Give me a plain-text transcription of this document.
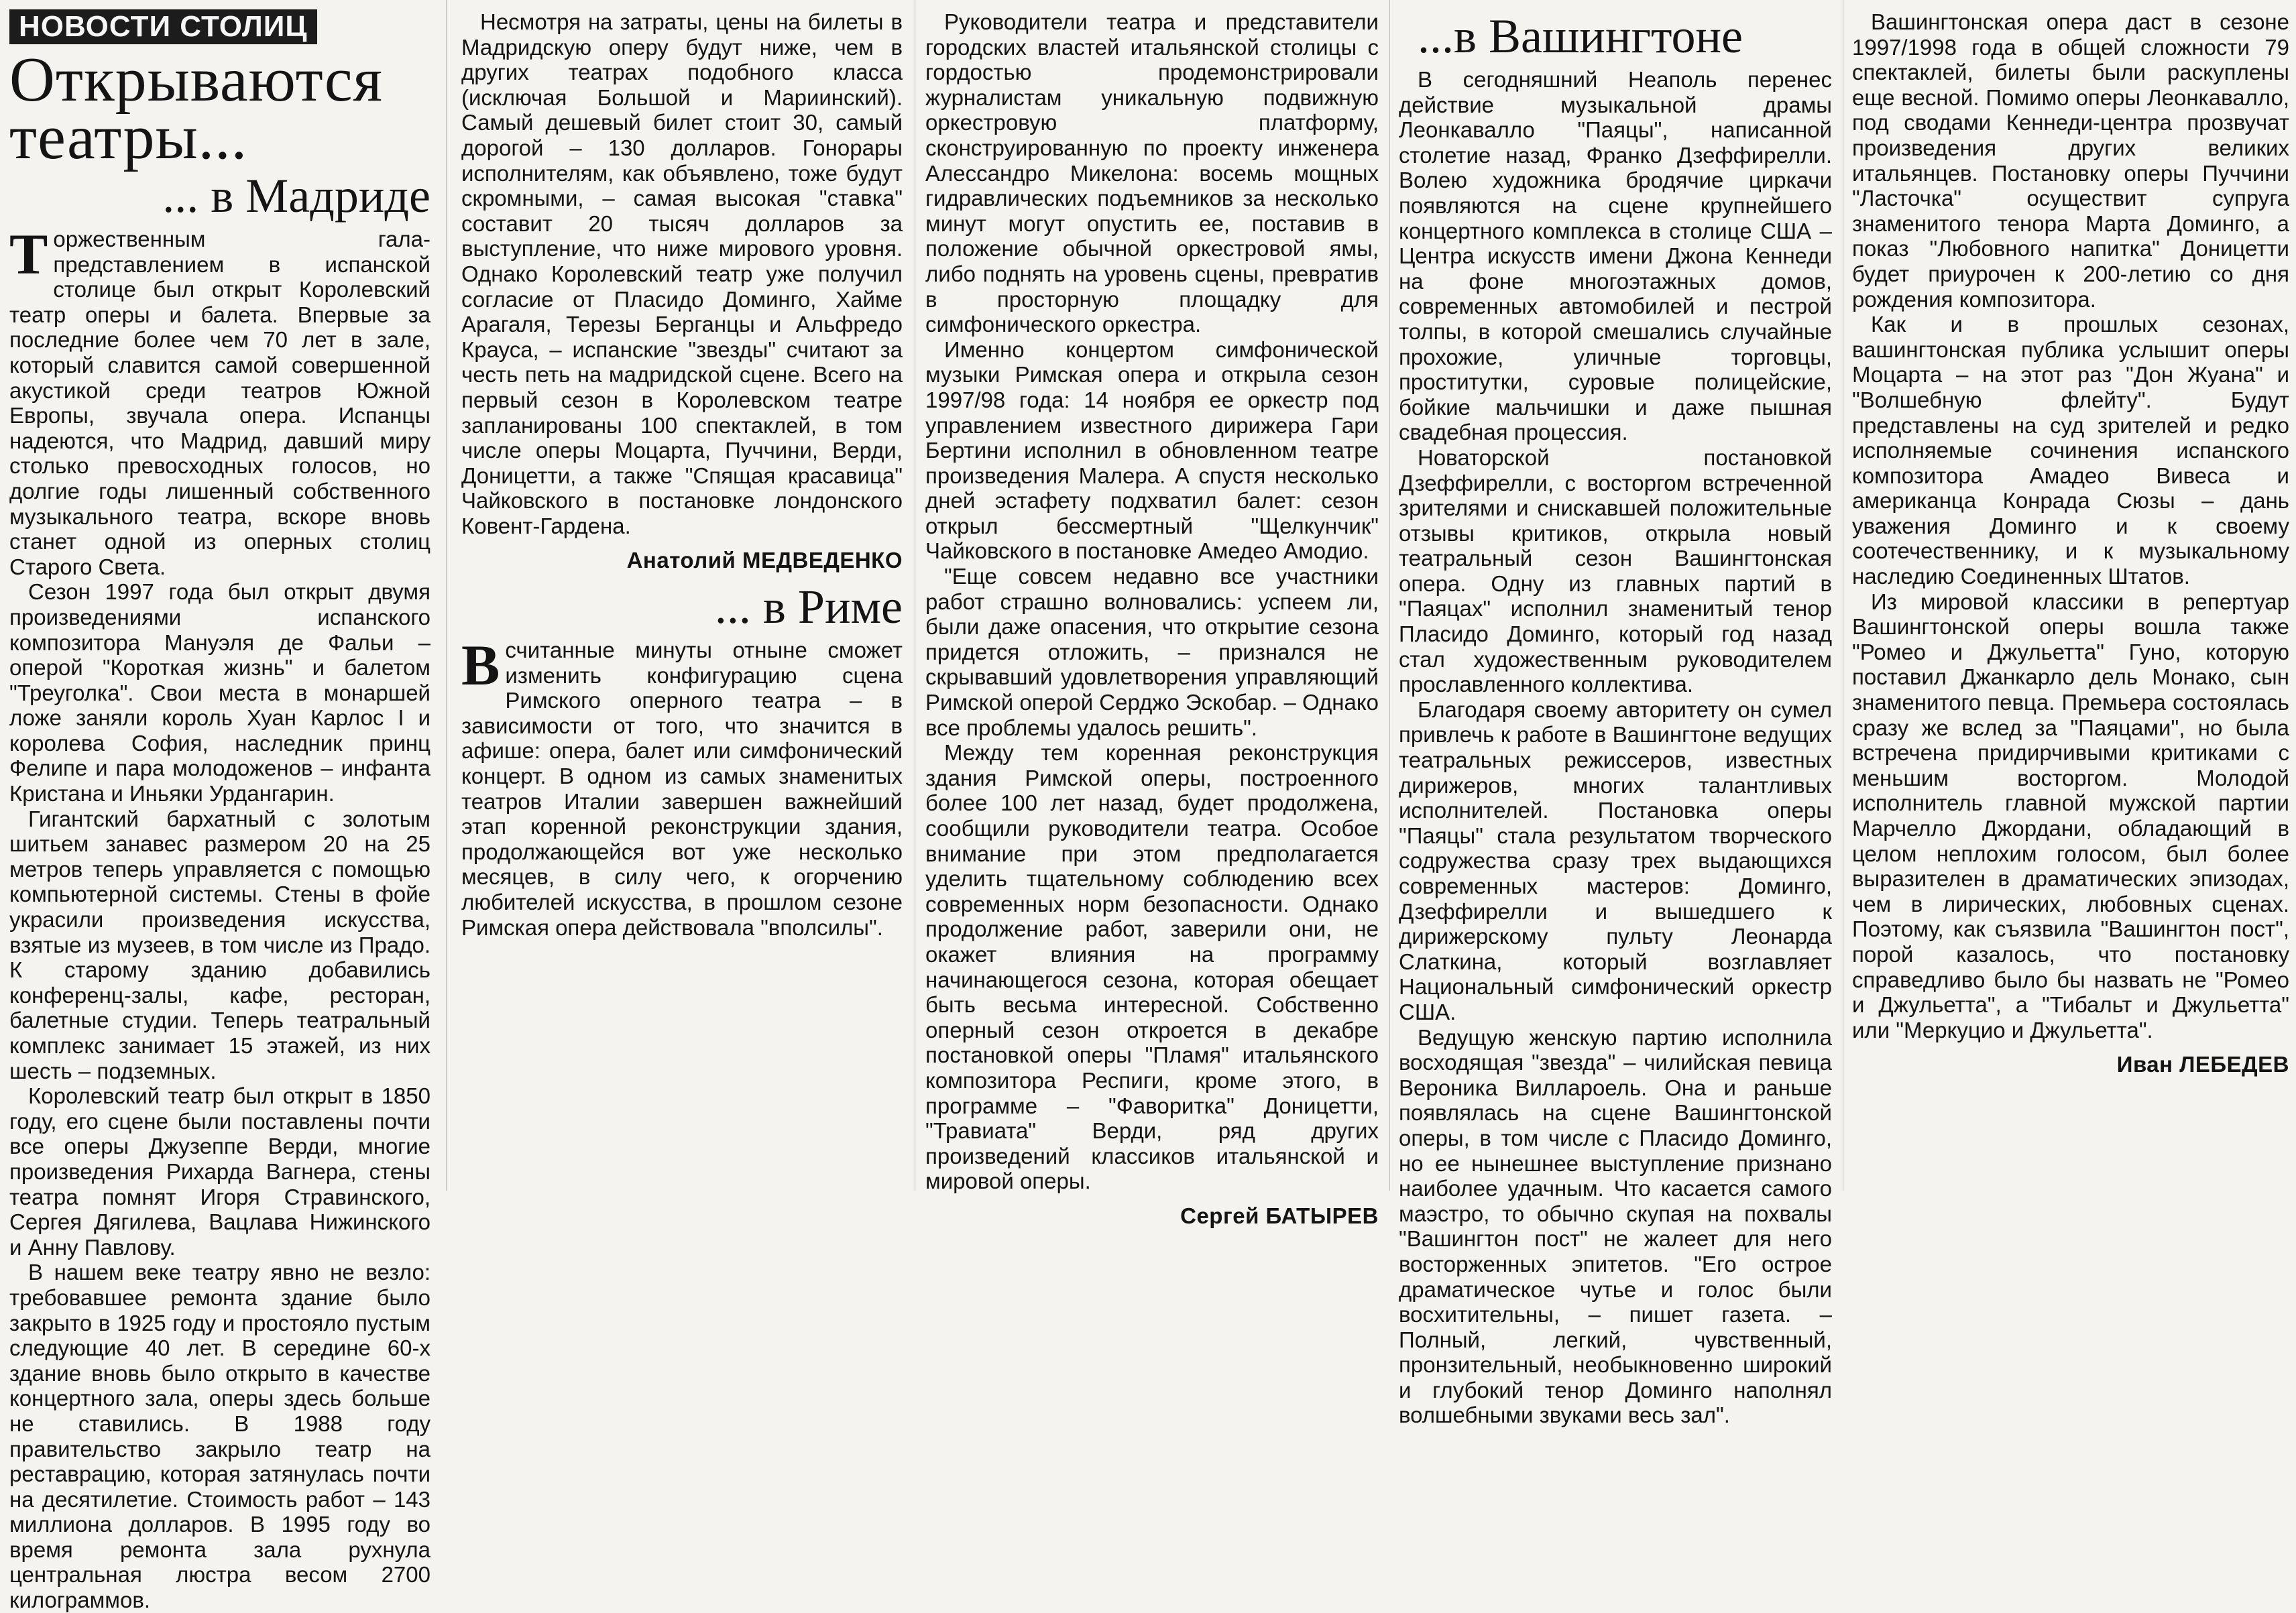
НОВОСТИ СТОЛИЦ
Открываются
театры...
... в Мадриде

Торжественным гала-представлением в испанской столице был открыт Королевский театр оперы и балета. Впервые за последние более чем 70 лет в зале, который славится самой совершенной акустикой среди театров Южной Европы, звучала опера. Испанцы надеются, что Мадрид, давший миру столько превосходных голосов, но долгие годы лишенный собственного музыкального театра, вскоре вновь станет одной из оперных столиц Старого Света.

Сезон 1997 года был открыт двумя произведениями испанского композитора Мануэля де Фальи – оперой "Короткая жизнь" и балетом "Треуголка". Свои места в монаршей ложе заняли король Хуан Карлос I и королева София, наследник принц Фелипе и пара молодоженов – инфанта Кристана и Иньяки Урдангарин.

Гигантский бархатный с золотым шитьем занавес размером 20 на 25 метров теперь управляется с помощью компьютерной системы. Стены в фойе украсили произведения искусства, взятые из музеев, в том числе из Прадо. К старому зданию добавились конференц-залы, кафе, ресторан, балетные студии. Теперь театральный комплекс занимает 15 этажей, из них шесть – подземных.

Королевский театр был открыт в 1850 году, его сцене были поставлены почти все оперы Джузеппе Верди, многие произведения Рихарда Вагнера, стены театра помнят Игоря Стравинского, Сергея Дягилева, Вацлава Нижинского и Анну Павлову.

В нашем веке театру явно не везло: требовавшее ремонта здание было закрыто в 1925 году и простояло пустым следующие 40 лет. В середине 60-х здание вновь было открыто в качестве концертного зала, оперы здесь больше не ставились. В 1988 году правительство закрыло театр на реставрацию, которая затянулась почти на десятилетие. Стоимость работ – 143 миллиона долларов. В 1995 году во время ремонта зала рухнула центральная люстра весом 2700 килограммов.

Несмотря на затраты, цены на билеты в Мадридскую оперу будут ниже, чем в других театрах подобного класса (исключая Большой и Мариинский). Самый дешевый билет стоит 30, самый дорогой – 130 долларов. Гонорары исполнителям, как объявлено, тоже будут скромными, – самая высокая "ставка" составит 20 тысяч долларов за выступление, что ниже мирового уровня. Однако Королевский театр уже получил согласие от Пласидо Доминго, Хайме Арагаля, Терезы Берганцы и Альфредо Крауса, – испанские "звезды" считают за честь петь на мадридской сцене. Всего на первый сезон в Королевском театре запланированы 100 спектаклей, в том числе оперы Моцарта, Пуччини, Верди, Доницетти, а также "Спящая красавица" Чайковского в постановке лондонского Ковент-Гардена.

Анатолий МЕДВЕДЕНКО
... в Риме

Всчитанные минуты отныне сможет изменить конфигурацию сцена Римского оперного театра – в зависимости от того, что значится в афише: опера, балет или симфонический концерт. В одном из самых знаменитых театров Италии завершен важнейший этап коренной реконструкции здания, продолжающейся вот уже несколько месяцев, в силу чего, к огорчению любителей искусства, в прошлом сезоне Римская опера действовала "вполсилы".

Руководители театра и представители городских властей итальянской столицы с гордостью продемонстрировали журналистам уникальную подвижную оркестровую платформу, сконструированную по проекту инженера Алессандро Микелона: восемь мощных гидравлических подъемников за несколько минут могут опустить ее, поставив в положение обычной оркестровой ямы, либо поднять на уровень сцены, превратив в просторную площадку для симфонического оркестра.

Именно концертом симфонической музыки Римская опера и открыла сезон 1997/98 года: 14 ноября ее оркестр под управлением известного дирижера Гари Бертини исполнил в обновленном театре произведения Малера. А спустя несколько дней эстафету подхватил балет: сезон открыл бессмертный "Щелкунчик" Чайковского в постановке Амедео Амодио.

"Еще совсем недавно все участники работ страшно волновались: успеем ли, были даже опасения, что открытие сезона придется отложить, – признался не скрывавший удовлетворения управляющий Римской оперой Серджо Эскобар. – Однако все проблемы удалось решить".

Между тем коренная реконструкция здания Римской оперы, построенного более 100 лет назад, будет продолжена, сообщили руководители театра. Особое внимание при этом предполагается уделить тщательному соблюдению всех современных норм безопасности. Однако продолжение работ, заверили они, не окажет влияния на программу начинающегося сезона, которая обещает быть весьма интересной. Собственно оперный сезон откроется в декабре постановкой оперы "Пламя" итальянского композитора Респиги, кроме этого, в программе – "Фаворитка" Доницетти, "Травиата" Верди, ряд других произведений классиков итальянской и мировой оперы.

Сергей БАТЫРЕВ
...в Вашингтоне

В сегодняшний Неаполь перенес действие музыкальной драмы Леонкавалло "Паяцы", написанной столетие назад, Франко Дзеффирелли. Волею художника бродячие циркачи появляются на сцене крупнейшего концертного комплекса в столице США –Центра искусств имени Джона Кеннеди на фоне многоэтажных домов, современных автомобилей и пестрой толпы, в которой смешались случайные прохожие, уличные торговцы, проститутки, суровые полицейские, бойкие мальчишки и даже пышная свадебная процессия.

Новаторской постановкой Дзеффирелли, с восторгом встреченной зрителями и снискавшей положительные отзывы критиков, открыла новый театральный сезон Вашингтонская опера. Одну из главных партий в "Паяцах" исполнил знаменитый тенор Пласидо Доминго, который год назад стал художественным руководителем прославленного коллектива.

Благодаря своему авторитету он сумел привлечь к работе в Вашингтоне ведущих театральных режиссеров, известных дирижеров, многих талантливых исполнителей. Постановка оперы "Паяцы" стала результатом творческого содружества сразу трех выдающихся современных мастеров: Доминго, Дзеффирелли и вышедшего к дирижерскому пульту Леонарда Слаткина, который возглавляет Национальный симфонический оркестр США.

Ведущую женскую партию исполнила восходящая "звезда" – чилийская певица Вероника Виллароель. Она и раньше появлялась на сцене Вашингтонской оперы, в том числе с Пласидо Доминго, но ее нынешнее выступление признано наиболее удачным. Что касается самого маэстро, то обычно скупая на похвалы "Вашингтон пост" не жалеет для него восторженных эпитетов. "Его острое драматическое чутье и голос были восхитительны, – пишет газета. – Полный, легкий, чувственный, пронзительный, необыкновенно широкий и глубокий тенор Доминго наполнял волшебными звуками весь зал".

Вашингтонская опера даст в сезоне 1997/1998 года в общей сложности 79 спектаклей, билеты были раскуплены еще весной. Помимо оперы Леонкавалло, под сводами Кеннеди-центра прозвучат произведения других великих итальянцев. Постановку оперы Пуччини "Ласточка" осуществит супруга знаменитого тенора Марта Доминго, а показ "Любовного напитка" Доницетти будет приурочен к 200-летию со дня рождения композитора.

Как и в прошлых сезонах, вашингтонская публика услышит оперы Моцарта – на этот раз "Дон Жуана" и "Волшебную флейту". Будут представлены на суд зрителей и редко исполняемые сочинения испанского композитора Амадео Вивеса и американца Конрада Сюзы – дань уважения Доминго и к своему соотечественнику, и к музыкальному наследию Соединенных Штатов.

Из мировой классики в репертуар Вашингтонской оперы вошла также "Ромео и Джульетта" Гуно, которую поставил Джанкарло дель Монако, сын знаменитого певца. Премьера состоялась сразу же вслед за "Паяцами", но была встречена придирчивыми критиками с меньшим восторгом. Молодой исполнитель главной мужской партии Марчелло Джордани, обладающий в целом неплохим голосом, был более выразителен в драматических эпизодах, чем в лирических, любовных сценах. Поэтому, как съязвила "Вашингтон пост", порой казалось, что постановку справедливо было бы назвать не "Ромео и Джульетта", а "Тибальт и Джульетта" или "Меркуцио и Джульетта".

Иван ЛЕБЕДЕВ
